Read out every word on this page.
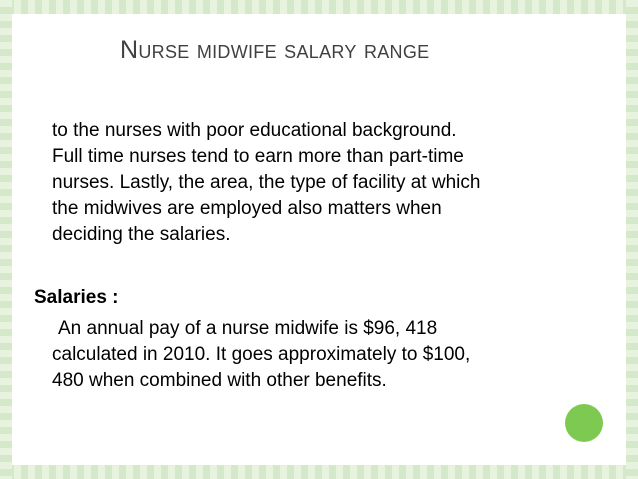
NURSE MIDWIFE SALARY RANGE

to the nurses with poor educational background.
Full time nurses tend to earn more than part-time
nurses. Lastly, the area, the type of facility at which
the midwives are employed also matters when
deciding the salaries.

Salaries :

An annual pay of a nurse midwife is $96, 418
calculated in 2010. It goes approximately to $100,
480 when combined with other benefits.
